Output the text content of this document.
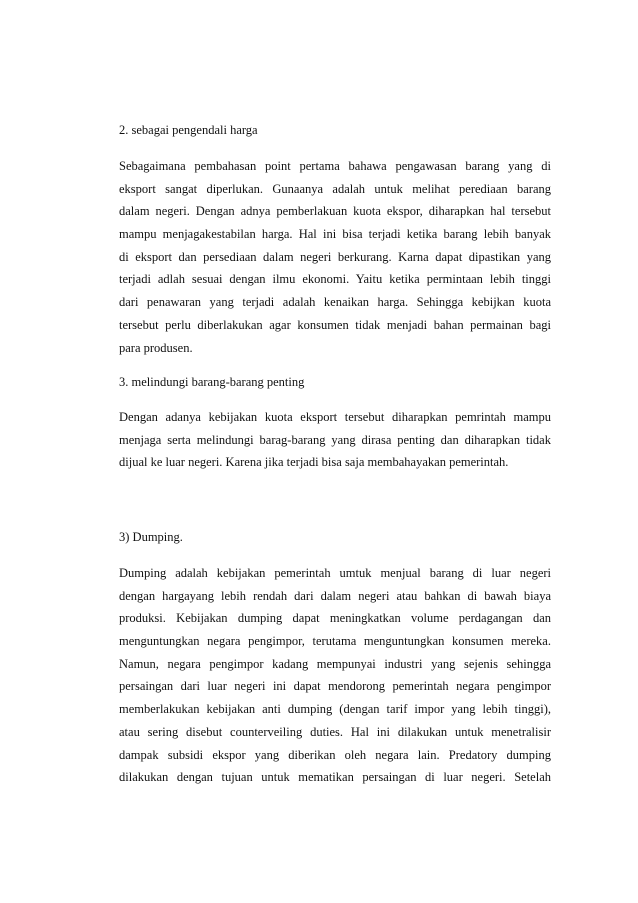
2. sebagai pengendali harga
Sebagaimana pembahasan point pertama bahawa pengawasan barang yang di
eksport sangat diperlukan. Gunaanya adalah untuk melihat perediaan barang
dalam negeri. Dengan adnya pemberlakuan kuota ekspor, diharapkan hal tersebut
mampu menjagakestabilan harga. Hal ini bisa terjadi ketika barang lebih banyak
di eksport dan persediaan dalam negeri berkurang. Karna dapat dipastikan yang
terjadi adlah sesuai dengan ilmu ekonomi. Yaitu ketika permintaan lebih tinggi
dari penawaran yang terjadi adalah kenaikan harga. Sehingga kebijkan kuota
tersebut perlu diberlakukan agar konsumen tidak menjadi bahan permainan bagi
para produsen.
3. melindungi barang-barang penting
Dengan adanya kebijakan kuota eksport tersebut diharapkan pemrintah mampu
menjaga serta melindungi barag-barang yang dirasa penting dan diharapkan tidak
dijual ke luar negeri. Karena jika terjadi bisa saja membahayakan pemerintah.
3) Dumping.
Dumping adalah kebijakan pemerintah umtuk menjual barang di luar negeri
dengan hargayang lebih rendah dari dalam negeri atau bahkan di bawah biaya
produksi. Kebijakan dumping dapat meningkatkan volume perdagangan dan
menguntungkan negara pengimpor, terutama menguntungkan konsumen mereka.
Namun, negara pengimpor kadang mempunyai industri yang sejenis sehingga
persaingan dari luar negeri ini dapat mendorong pemerintah negara pengimpor
memberlakukan kebijakan anti dumping (dengan tarif impor yang lebih tinggi),
atau sering disebut counterveiling duties. Hal ini dilakukan untuk menetralisir
dampak subsidi ekspor yang diberikan oleh negara lain. Predatory dumping
dilakukan dengan tujuan untuk mematikan persaingan di luar negeri. Setelah
